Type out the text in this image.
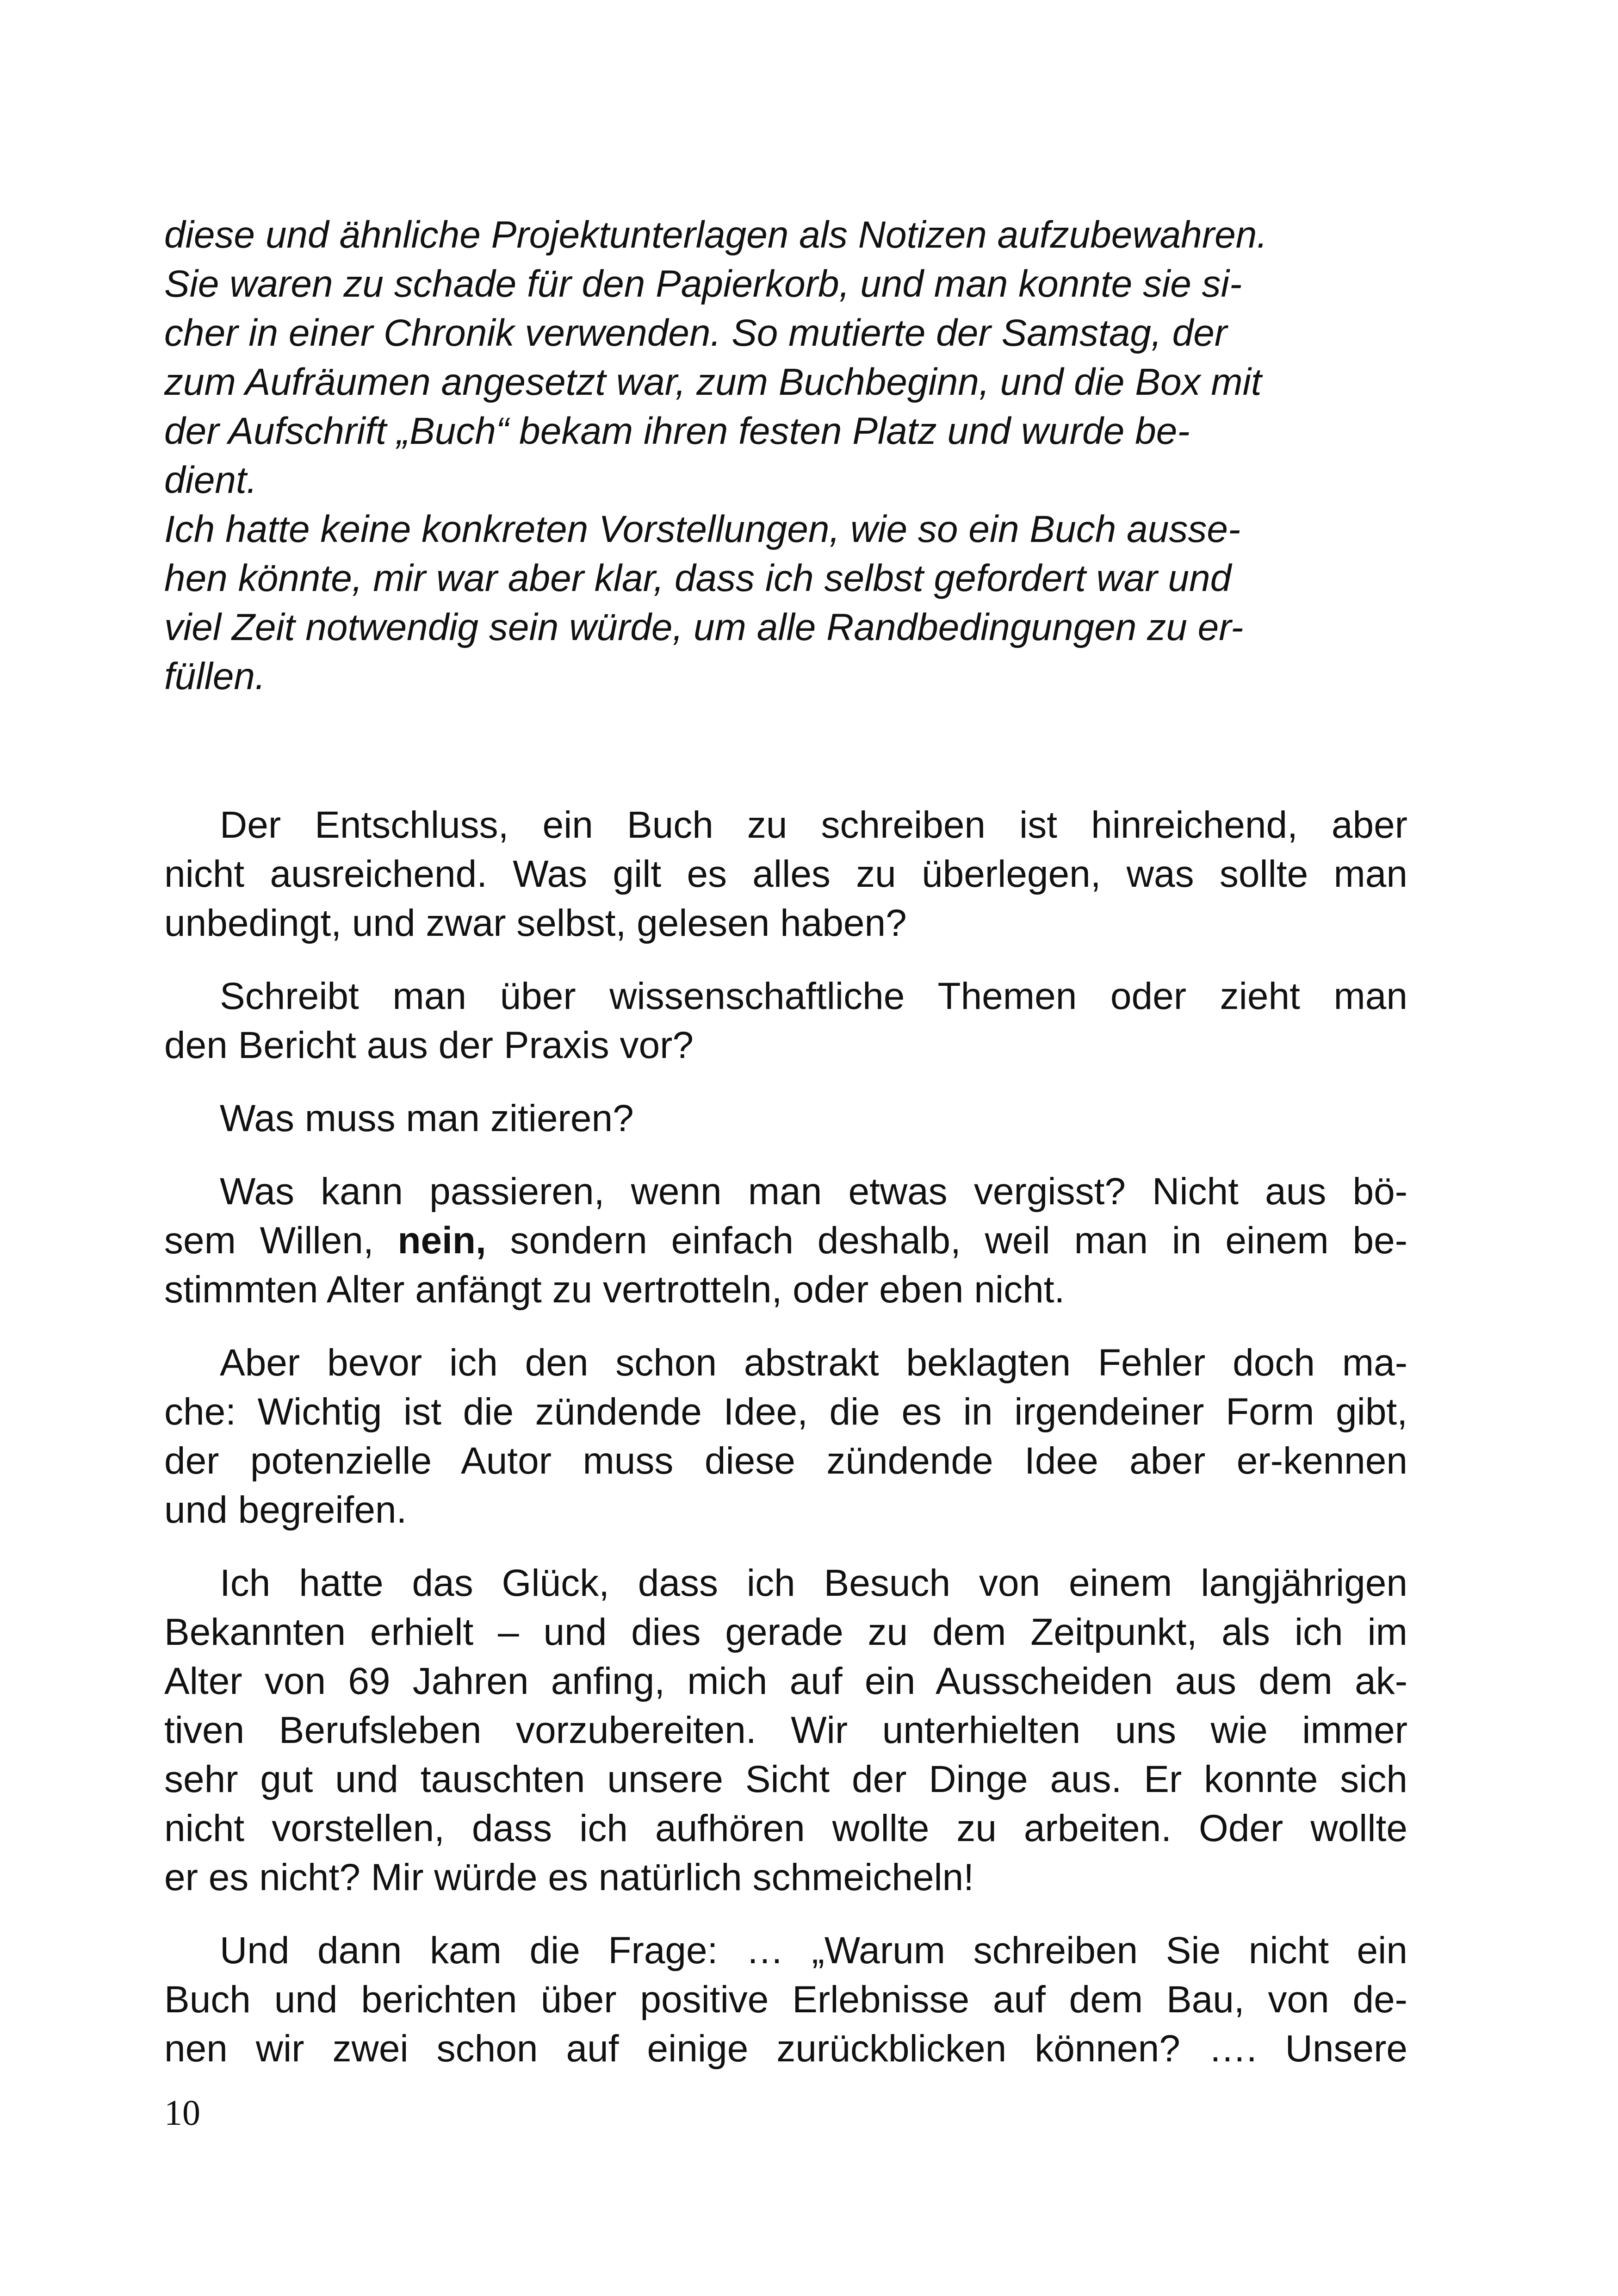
diese und ähnliche Projektunterlagen als Notizen aufzubewahren.
Sie waren zu schade für den Papierkorb, und man konnte sie si-
cher in einer Chronik verwenden. So mutierte der Samstag, der
zum Aufräumen angesetzt war, zum Buchbeginn, und die Box mit
der Aufschrift „Buch“ bekam ihren festen Platz und wurde be-
dient.
Ich hatte keine konkreten Vorstellungen, wie so ein Buch ausse-
hen könnte, mir war aber klar, dass ich selbst gefordert war und
viel Zeit notwendig sein würde, um alle Randbedingungen zu er-
füllen.
Der Entschluss, ein Buch zu schreiben ist hinreichend, aber
nicht ausreichend. Was gilt es alles zu überlegen, was sollte man
unbedingt, und zwar selbst, gelesen haben?
Schreibt man über wissenschaftliche Themen oder zieht man
den Bericht aus der Praxis vor?
Was muss man zitieren?
Was kann passieren, wenn man etwas vergisst? Nicht aus bö-
sem Willen, nein, sondern einfach deshalb, weil man in einem be-
stimmten Alter anfängt zu vertrotteln, oder eben nicht.
Aber bevor ich den schon abstrakt beklagten Fehler doch ma-
che: Wichtig ist die zündende Idee, die es in irgendeiner Form gibt,
der potenzielle Autor muss diese zündende Idee aber er-kennen
und begreifen.
Ich hatte das Glück, dass ich Besuch von einem langjährigen
Bekannten erhielt – und dies gerade zu dem Zeitpunkt, als ich im
Alter von 69 Jahren anfing, mich auf ein Ausscheiden aus dem ak-
tiven Berufsleben vorzubereiten. Wir unterhielten uns wie immer
sehr gut und tauschten unsere Sicht der Dinge aus. Er konnte sich
nicht vorstellen, dass ich aufhören wollte zu arbeiten. Oder wollte
er es nicht? Mir würde es natürlich schmeicheln!
Und dann kam die Frage: … „Warum schreiben Sie nicht ein
Buch und berichten über positive Erlebnisse auf dem Bau, von de-
nen wir zwei schon auf einige zurückblicken können? …. Unsere
10
